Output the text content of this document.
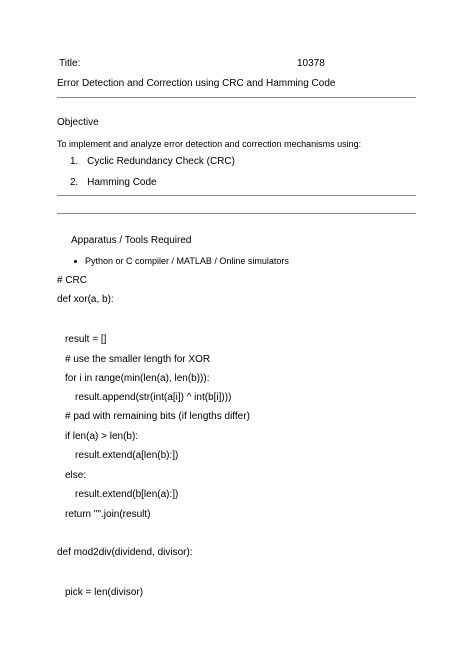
Title:	10378
Error Detection and Correction using CRC and Hamming Code
Objective
To implement and analyze error detection and correction mechanisms using:
1. Cyclic Redundancy Check (CRC)
2. Hamming Code
Apparatus / Tools Required
Python or C compiler / MATLAB / Online simulators
# CRC
def xor(a, b):
result = []
# use the smaller length for XOR
for i in range(min(len(a), len(b))):
result.append(str(int(a[i]) ^ int(b[i])))
# pad with remaining bits (if lengths differ)
if len(a) > len(b):
result.extend(a[len(b):])
else:
result.extend(b[len(a):])
return "".join(result)
def mod2div(dividend, divisor):
pick = len(divisor)
